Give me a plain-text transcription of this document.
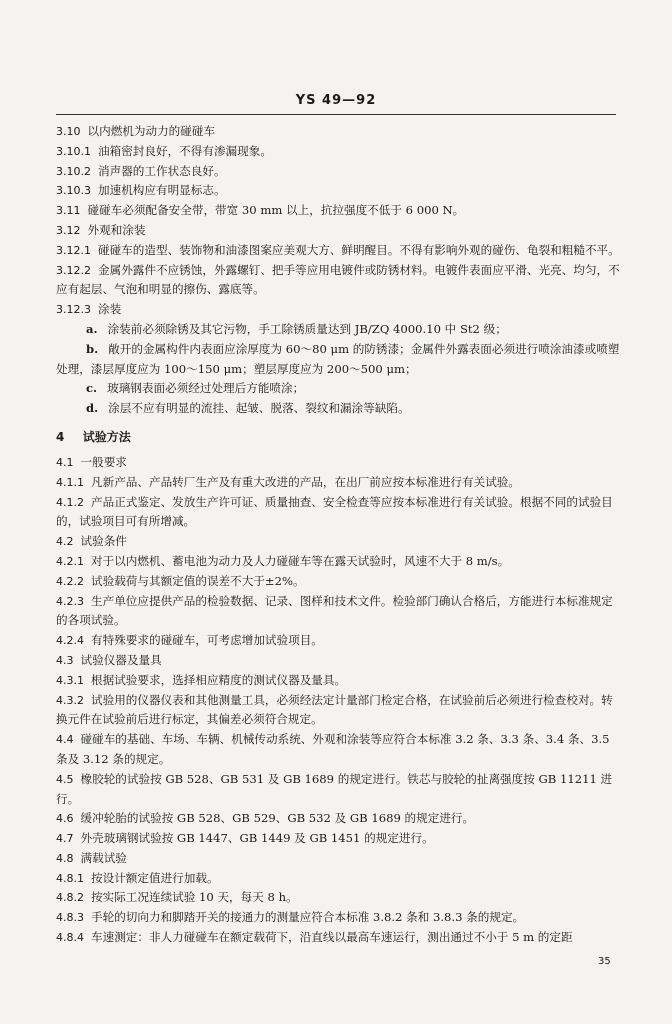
YS 49—92

3.10 以内燃机为动力的碰碰车

3.10.1 油箱密封良好，不得有渗漏现象。

3.10.2 消声器的工作状态良好。

3.10.3 加速机构应有明显标志。

3.11 碰碰车必须配备安全带，带宽 30 mm 以上，抗拉强度不低于 6 000 N。

3.12 外观和涂装

3.12.1 碰碰车的造型、装饰物和油漆图案应美观大方、鲜明醒目。不得有影响外观的碰伤、龟裂和粗糙不平。

3.12.2 金属外露件不应锈蚀，外露螺钉、把手等应用电镀件或防锈材料。电镀件表面应平滑、光亮、均匀，不应有起层、气泡和明显的擦伤、露底等。

3.12.3 涂装

a. 涂装前必须除锈及其它污物，手工除锈质量达到 JB/ZQ 4000.10 中 St2 级；

b. 敞开的金属构件内表面应涂厚度为 60～80 μm 的防锈漆；金属件外露表面必须进行喷涂油漆或喷塑处理，漆层厚度应为 100～150 μm；塑层厚度应为 200～500 μm；

c. 玻璃钢表面必须经过处理后方能喷涂；

d. 涂层不应有明显的流挂、起皱、脱落、裂纹和漏涂等缺陷。

4 试验方法

4.1 一般要求

4.1.1 凡新产品、产品转厂生产及有重大改进的产品，在出厂前应按本标准进行有关试验。

4.1.2 产品正式鉴定、发放生产许可证、质量抽查、安全检查等应按本标准进行有关试验。根据不同的试验目的，试验项目可有所增减。

4.2 试验条件

4.2.1 对于以内燃机、蓄电池为动力及人力碰碰车等在露天试验时，风速不大于 8 m/s。

4.2.2 试验载荷与其额定值的误差不大于±2%。

4.2.3 生产单位应提供产品的检验数据、记录、图样和技术文件。检验部门确认合格后，方能进行本标准规定的各项试验。

4.2.4 有特殊要求的碰碰车，可考虑增加试验项目。

4.3 试验仪器及量具

4.3.1 根据试验要求，选择相应精度的测试仪器及量具。

4.3.2 试验用的仪器仪表和其他测量工具，必须经法定计量部门检定合格，在试验前后必须进行检查校对。转换元件在试验前后进行标定，其偏差必须符合规定。

4.4 碰碰车的基础、车场、车辆、机械传动系统、外观和涂装等应符合本标准 3.2 条、3.3 条、3.4 条、3.5 条及 3.12 条的规定。

4.5 橡胶轮的试验按 GB 528、GB 531 及 GB 1689 的规定进行。铁芯与胶轮的扯离强度按 GB 11211 进行。

4.6 缓冲轮胎的试验按 GB 528、GB 529、GB 532 及 GB 1689 的规定进行。

4.7 外壳玻璃钢试验按 GB 1447、GB 1449 及 GB 1451 的规定进行。

4.8 满载试验

4.8.1 按设计额定值进行加载。

4.8.2 按实际工况连续试验 10 天，每天 8 h。

4.8.3 手轮的切向力和脚踏开关的接通力的测量应符合本标准 3.8.2 条和 3.8.3 条的规定。

4.8.4 车速测定：非人力碰碰车在额定载荷下，沿直线以最高车速运行，测出通过不小于 5 m 的定距

35
